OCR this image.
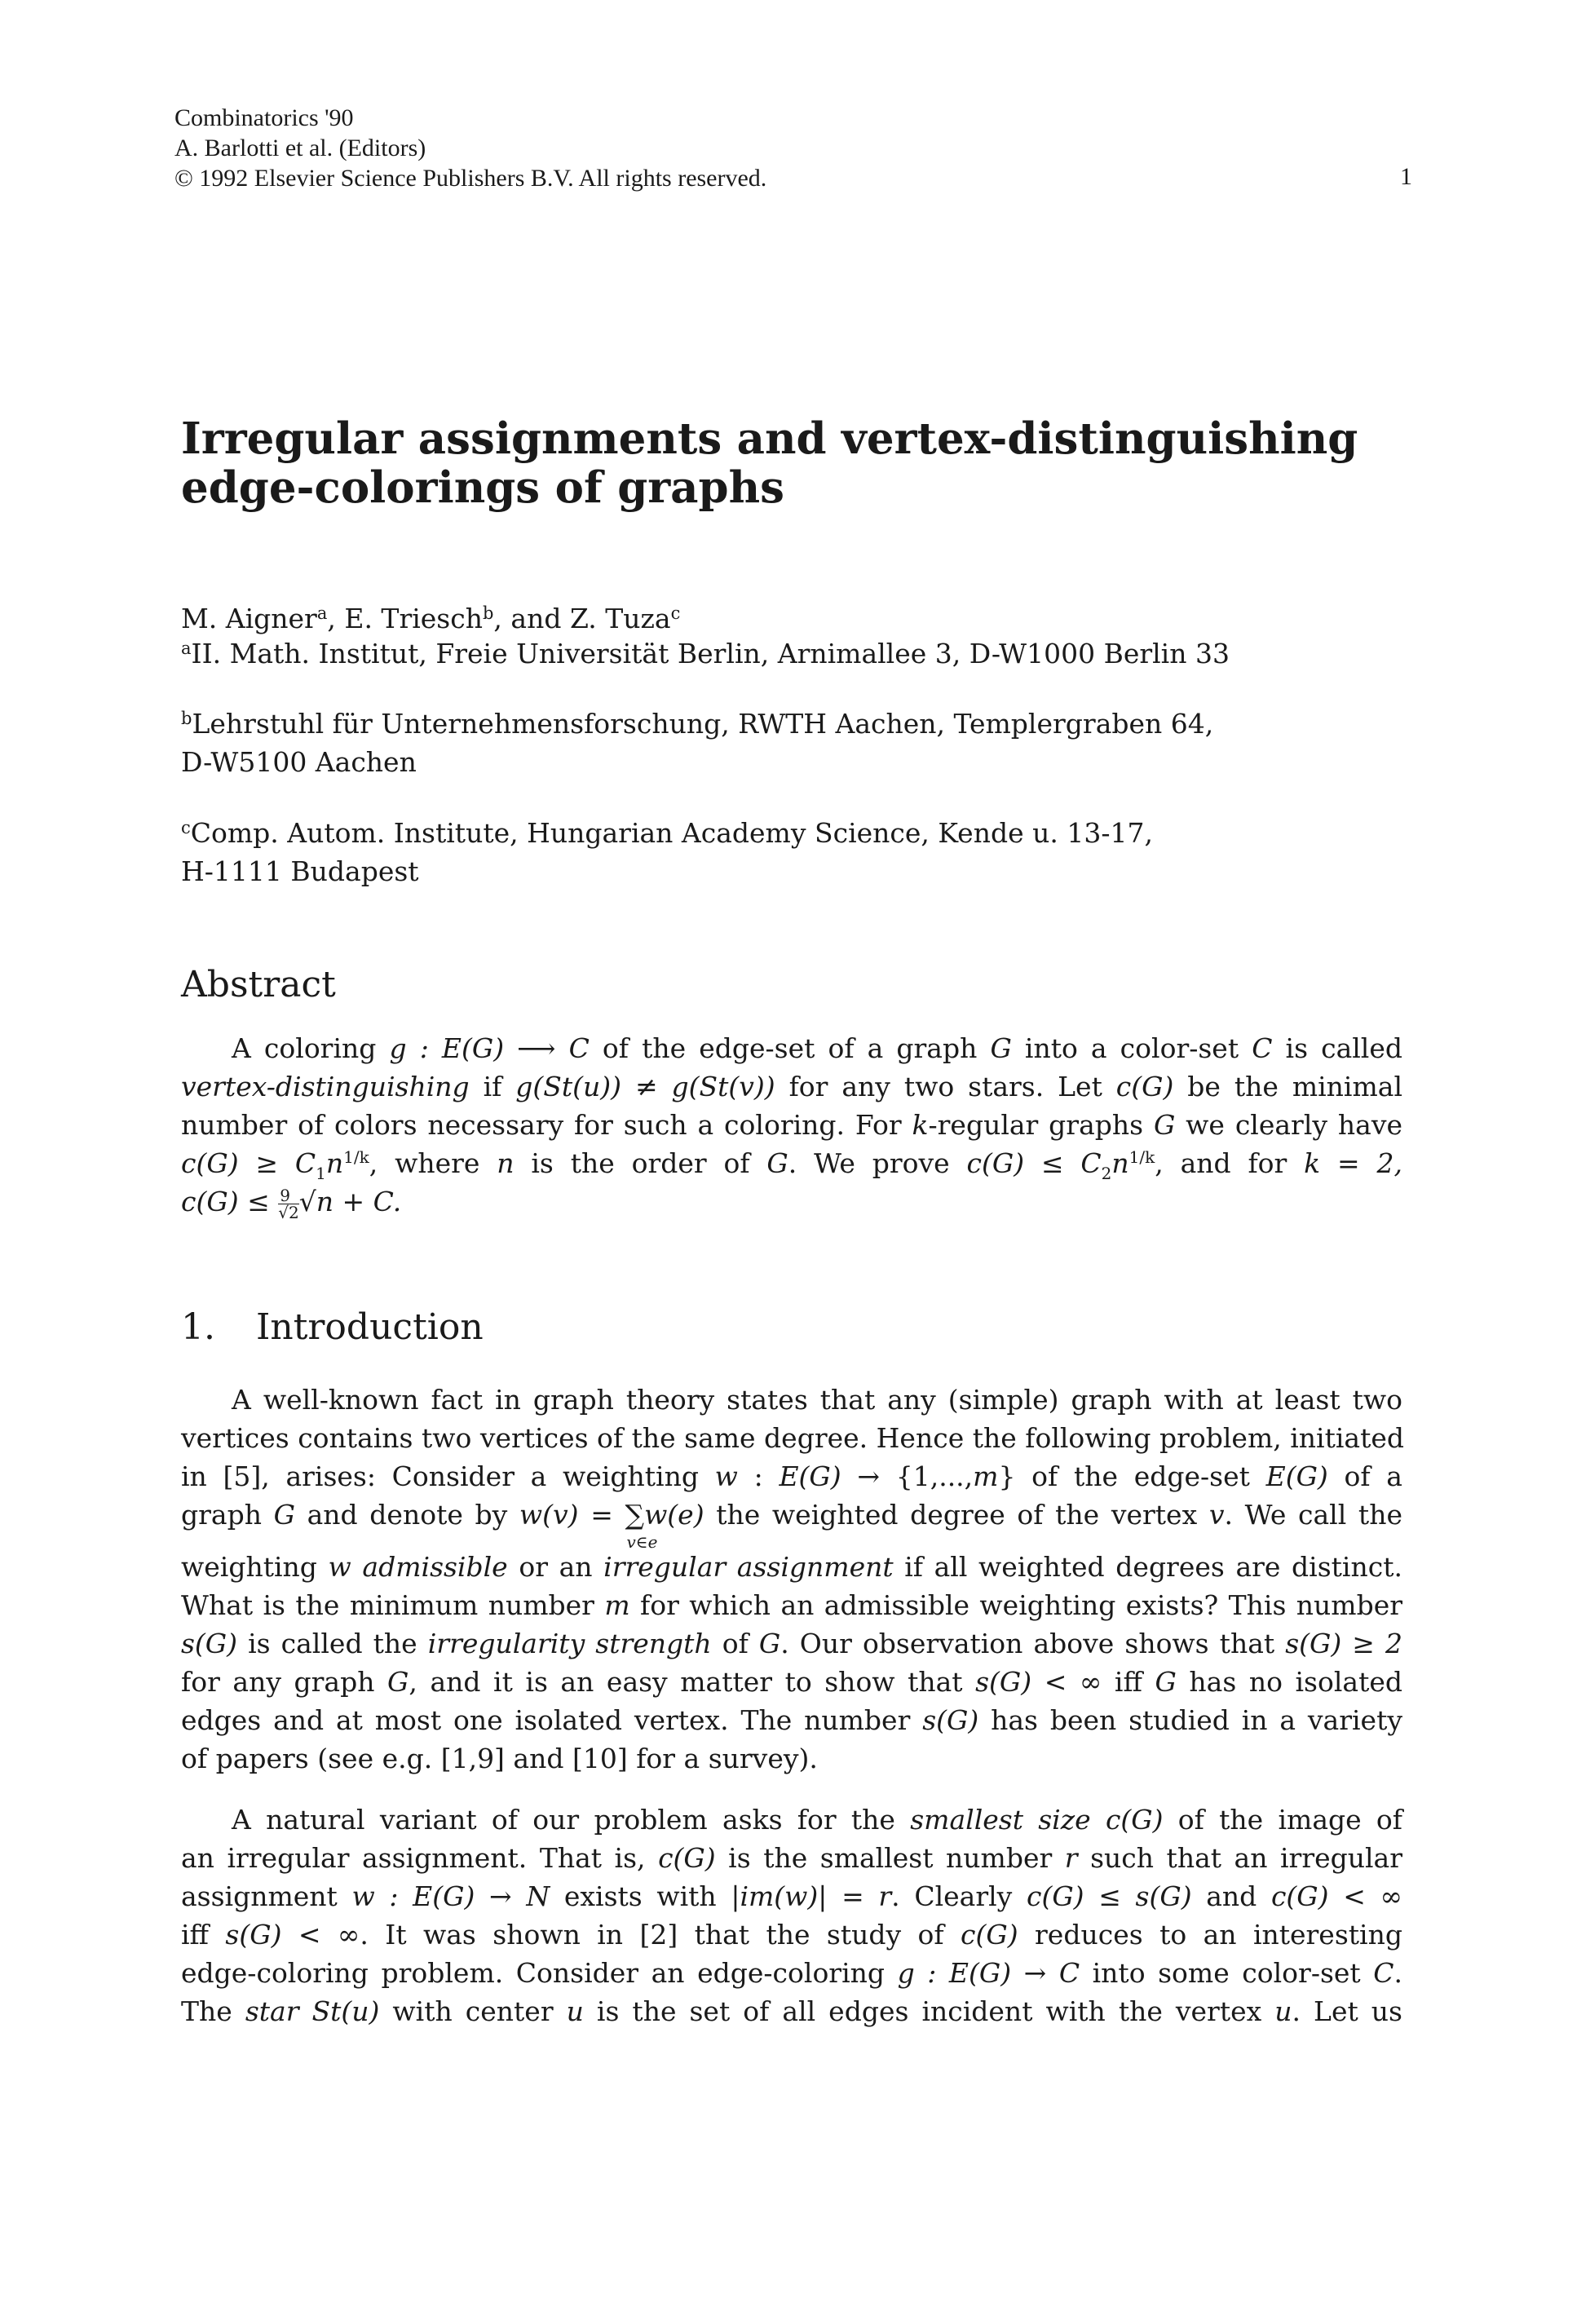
Combinatorics '90
A. Barlotti et al. (Editors)
© 1992 Elsevier Science Publishers B.V. All rights reserved.	1
Irregular assignments and vertex-distinguishing
edge-colorings of graphs
M. Aigner$^a$, E. Triesch$^b$, and Z. Tuza$^c$
$^a$II. Math. Institut, Freie Universität Berlin, Arnimallee 3, D-W1000 Berlin 33
$^b$Lehrstuhl für Unternehmensforschung, RWTH Aachen, Templergraben 64,
D-W5100 Aachen
$^c$Comp. Autom. Institute, Hungarian Academy Science, Kende u. 13-17,
H-1111 Budapest
Abstract
A coloring g : E(G) ⟶ C of the edge-set of a graph G into a color-set C is called
vertex-distinguishing if g(St(u)) ≠ g(St(v)) for any two stars. Let c(G) be the minimal
number of colors necessary for such a coloring. For k-regular graphs G we clearly have
$c(G) \ge C_1n^{1/k}$, where n is the order of G. We prove $c(G) \le C_2n^{1/k}$, and for k = 2,
$c(G) \le \frac{9}{√2} √n + C$.
1. Introduction
A well-known fact in graph theory states that any (simple) graph with at least two
vertices contains two vertices of the same degree. Hence the following problem, initiated
in [5], arises: Consider a weighting w : E(G) → {1,...,m} of the edge-set E(G) of a
graph G and denote by w(v) = ∑
v∈e
w(e) the weighted degree of the vertex v. We call the
weighting w admissible or an irregular assignment if all weighted degrees are distinct.
What is the minimum number m for which an admissible weighting exists? This number
s(G) is called the irregularity strength of G. Our observation above shows that s(G) ≥ 2
for any graph G, and it is an easy matter to show that s(G) < ∞ iff G has no isolated
edges and at most one isolated vertex. The number s(G) has been studied in a variety
of papers (see e.g. [1,9] and [10] for a survey).
A natural variant of our problem asks for the smallest size c(G) of the image of
an irregular assignment. That is, c(G) is the smallest number r such that an irregular
assignment w : E(G) → N exists with |im(w)| = r. Clearly c(G) ≤ s(G) and c(G) < ∞
iff s(G) < ∞. It was shown in [2] that the study of c(G) reduces to an interesting
edge-coloring problem. Consider an edge-coloring g : E(G) → C into some color-set C.
The star St(u) with center u is the set of all edges incident with the vertex u. Let us
